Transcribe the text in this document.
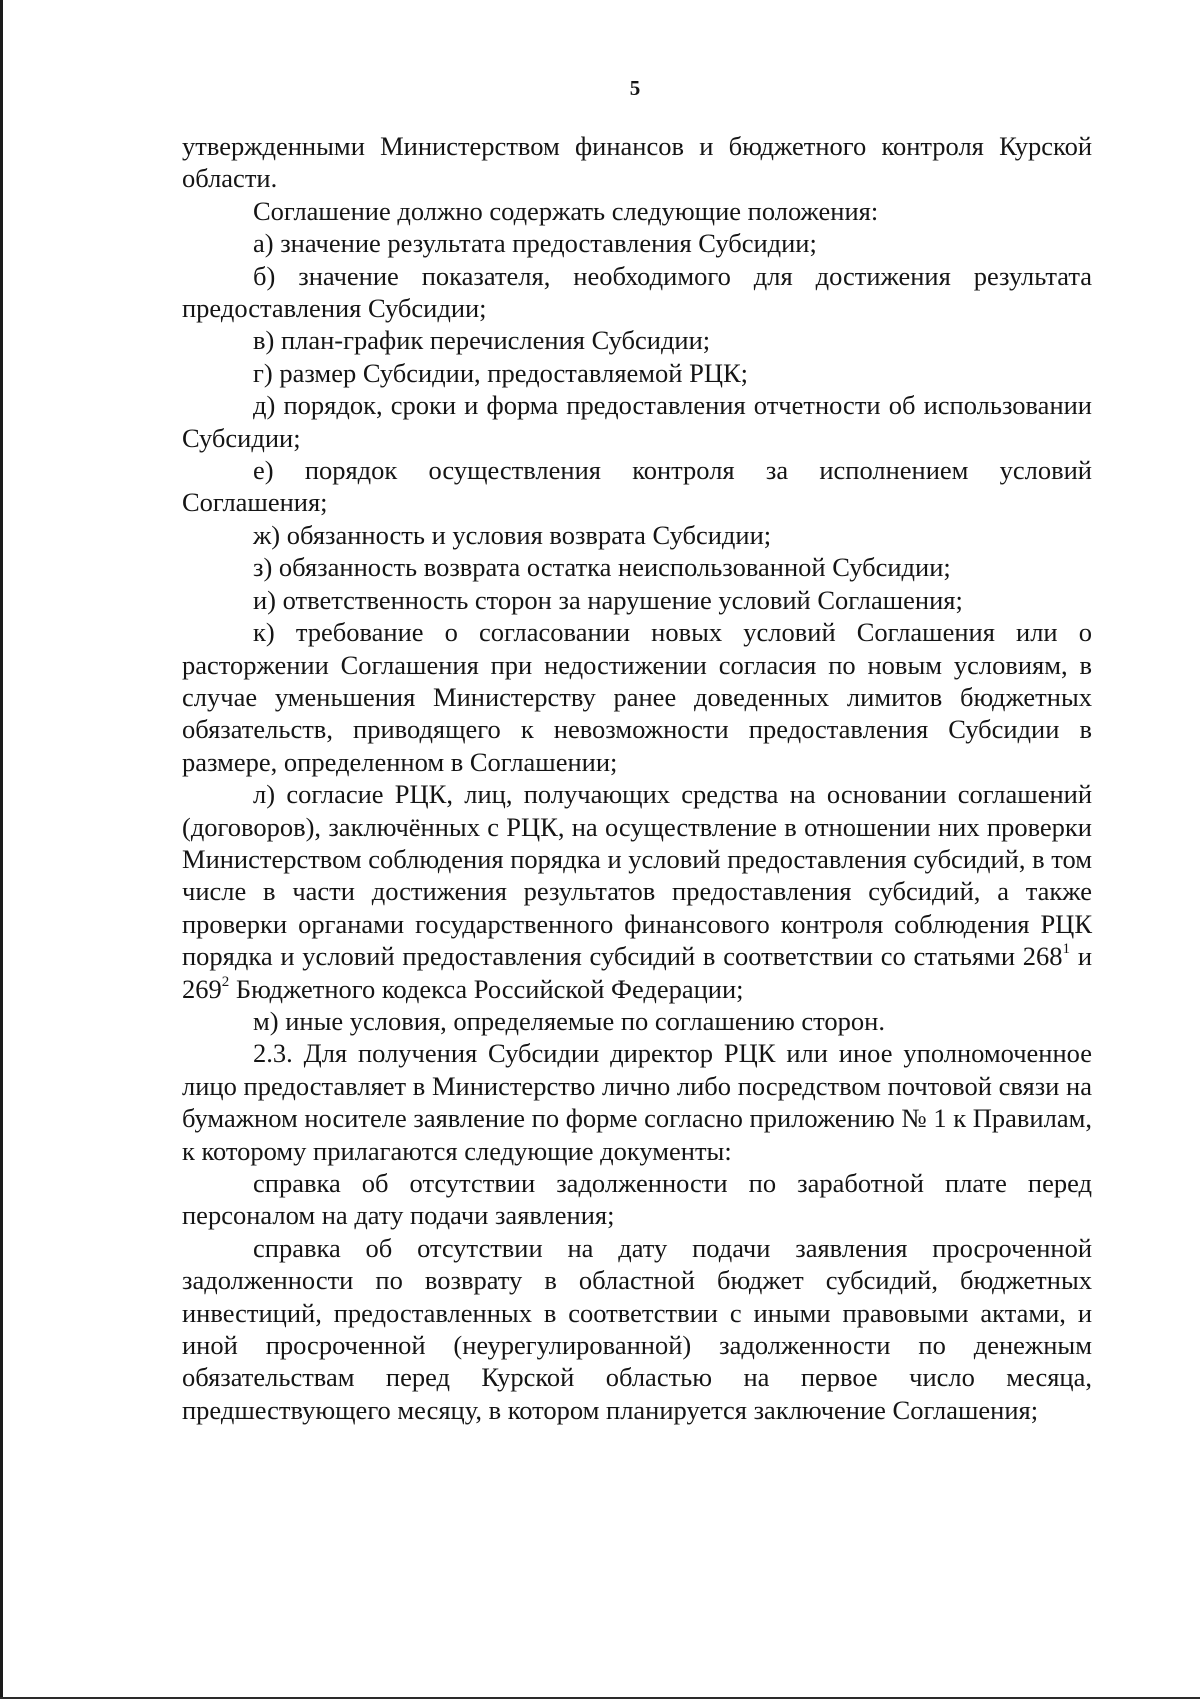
5

утвержденными Министерством финансов и бюджетного контроля Курской области.

Соглашение должно содержать следующие положения:

а) значение результата предоставления Субсидии;

б) значение показателя, необходимого для достижения результата предоставления Субсидии;

в) план-график перечисления Субсидии;

г) размер Субсидии, предоставляемой РЦК;

д) порядок, сроки и форма предоставления отчетности об использовании Субсидии;

е) порядок осуществления контроля за исполнением условий Соглашения;

ж) обязанность и условия возврата Субсидии;

з) обязанность возврата остатка неиспользованной Субсидии;

и) ответственность сторон за нарушение условий Соглашения;

к) требование о согласовании новых условий Соглашения или о расторжении Соглашения при недостижении согласия по новым условиям, в случае уменьшения Министерству ранее доведенных лимитов бюджетных обязательств, приводящего к невозможности предоставления Субсидии в размере, определенном в Соглашении;

л) согласие РЦК, лиц, получающих средства на основании соглашений (договоров), заключённых с РЦК, на осуществление в отношении них проверки Министерством соблюдения порядка и условий предоставления субсидий, в том числе в части достижения результатов предоставления субсидий, а также проверки органами государственного финансового контроля соблюдения РЦК порядка и условий предоставления субсидий в соответствии со статьями $268^1$ и $269^2$ Бюджетного кодекса Российской Федерации;

м) иные условия, определяемые по соглашению сторон.

2.3. Для получения Субсидии директор РЦК или иное уполномоченное лицо предоставляет в Министерство лично либо посредством почтовой связи на бумажном носителе заявление по форме согласно приложению № 1 к Правилам, к которому прилагаются следующие документы:

справка об отсутствии задолженности по заработной плате перед персоналом на дату подачи заявления;

справка об отсутствии на дату подачи заявления просроченной задолженности по возврату в областной бюджет субсидий, бюджетных инвестиций, предоставленных в соответствии с иными правовыми актами, и иной просроченной (неурегулированной) задолженности по денежным обязательствам перед Курской областью на первое число месяца, предшествующего месяцу, в котором планируется заключение Соглашения;
